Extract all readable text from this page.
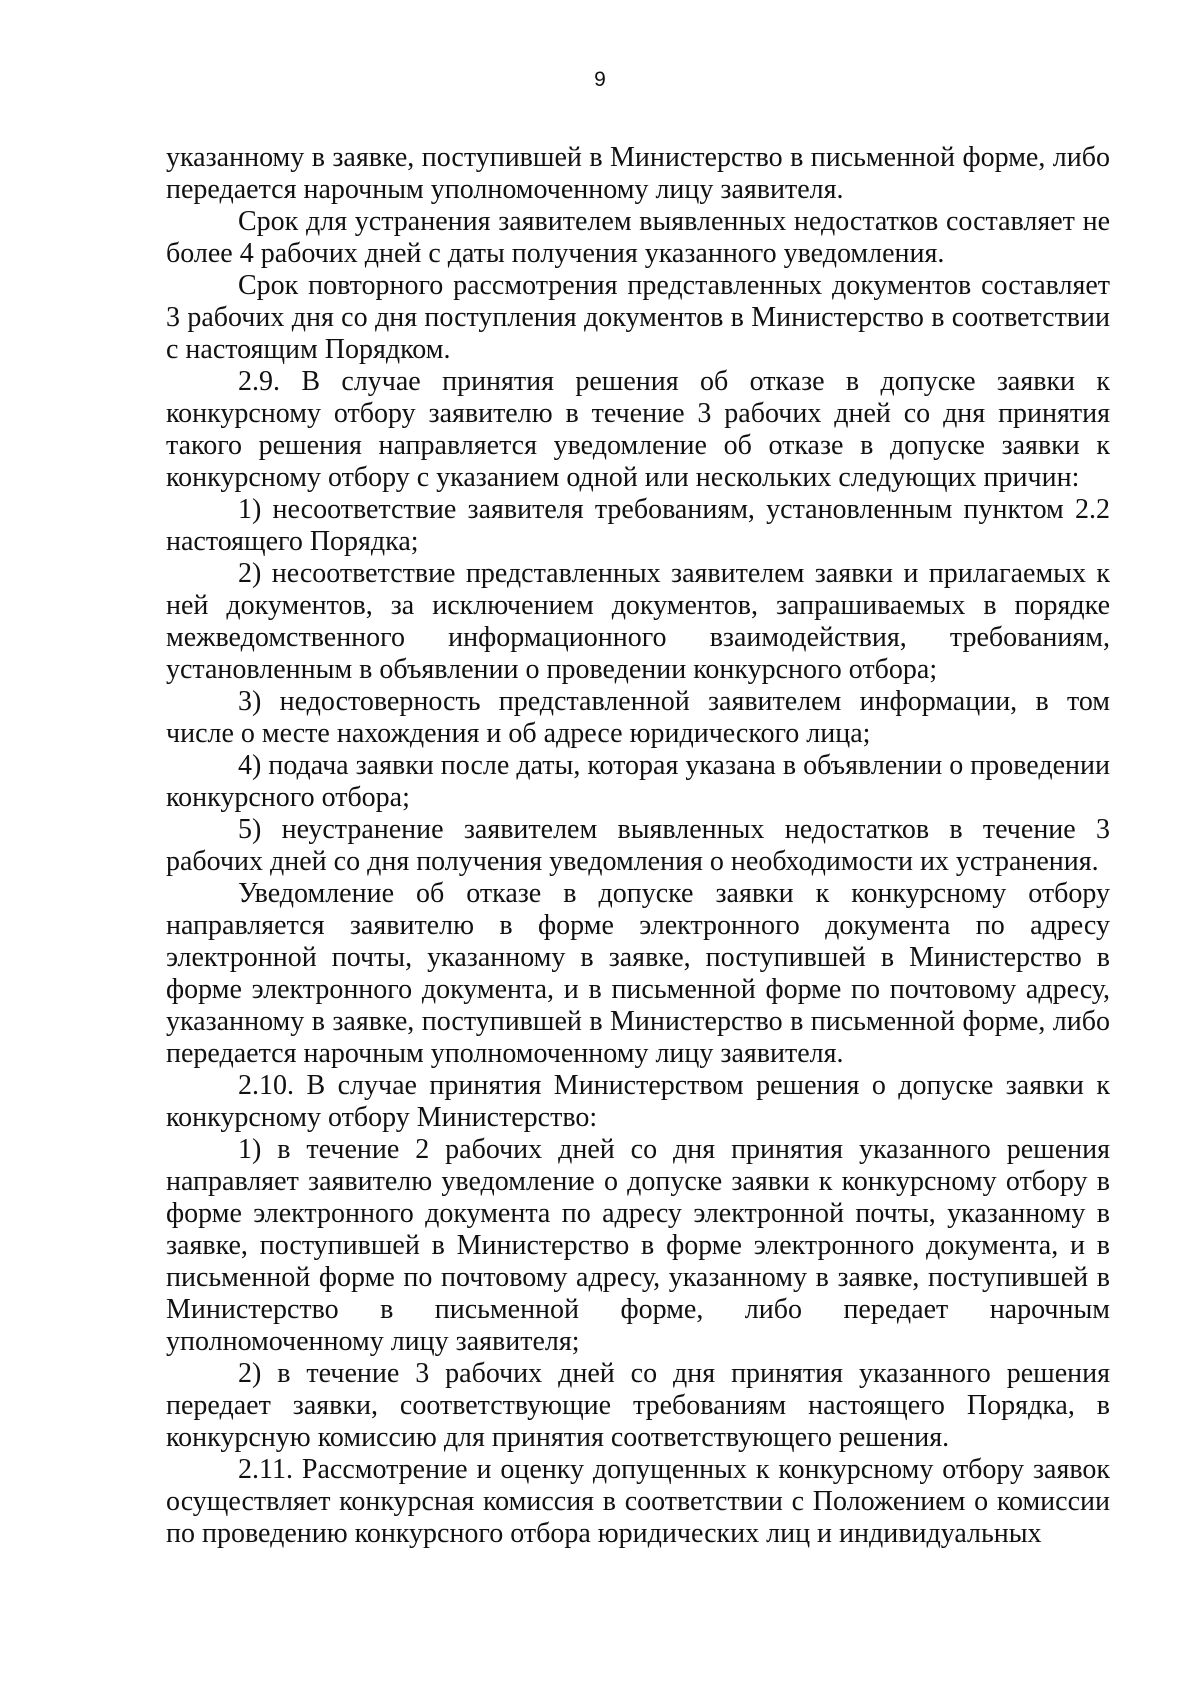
9

указанному в заявке, поступившей в Министерство в письменной форме, либо передается нарочным уполномоченному лицу заявителя.

Срок для устранения заявителем выявленных недостатков составляет не более 4 рабочих дней с даты получения указанного уведомления.

Срок повторного рассмотрения представленных документов составляет 3 рабочих дня со дня поступления документов в Министерство в соответствии с настоящим Порядком.

2.9. В случае принятия решения об отказе в допуске заявки к конкурсному отбору заявителю в течение 3 рабочих дней со дня принятия такого решения направляется уведомление об отказе в допуске заявки к конкурсному отбору с указанием одной или нескольких следующих причин:

1) несоответствие заявителя требованиям, установленным пунктом 2.2 настоящего Порядка;

2) несоответствие представленных заявителем заявки и прилагаемых к ней документов, за исключением документов, запрашиваемых в порядке межведомственного информационного взаимодействия, требованиям, установленным в объявлении о проведении конкурсного отбора;

3) недостоверность представленной заявителем информации, в том числе о месте нахождения и об адресе юридического лица;

4) подача заявки после даты, которая указана в объявлении о проведении конкурсного отбора;

5) неустранение заявителем выявленных недостатков в течение 3 рабочих дней со дня получения уведомления о необходимости их устранения.

Уведомление об отказе в допуске заявки к конкурсному отбору направляется заявителю в форме электронного документа по адресу электронной почты, указанному в заявке, поступившей в Министерство в форме электронного документа, и в письменной форме по почтовому адресу, указанному в заявке, поступившей в Министерство в письменной форме, либо передается нарочным уполномоченному лицу заявителя.

2.10. В случае принятия Министерством решения о допуске заявки к конкурсному отбору Министерство:

1) в течение 2 рабочих дней со дня принятия указанного решения направляет заявителю уведомление о допуске заявки к конкурсному отбору в форме электронного документа по адресу электронной почты, указанному в заявке, поступившей в Министерство в форме электронного документа, и в письменной форме по почтовому адресу, указанному в заявке, поступившей в Министерство в письменной форме, либо передает нарочным уполномоченному лицу заявителя;

2) в течение 3 рабочих дней со дня принятия указанного решения передает заявки, соответствующие требованиям настоящего Порядка, в конкурсную комиссию для принятия соответствующего решения.

2.11. Рассмотрение и оценку допущенных к конкурсному отбору заявок осуществляет конкурсная комиссия в соответствии с Положением о комиссии по проведению конкурсного отбора юридических лиц и индивидуальных
